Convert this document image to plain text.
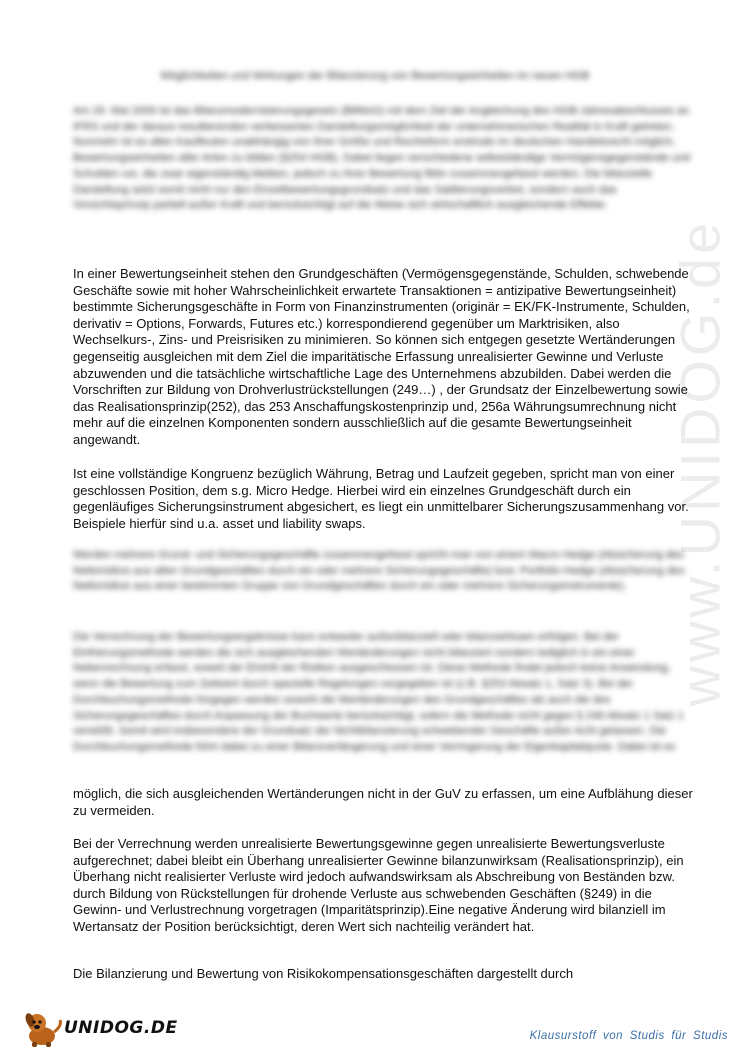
www.UNIDOG.de
Möglichkeiten und Wirkungen der Bilanzierung von Bewertungseinheiten im neuen HGB

Am 29. Mai 2009 ist das Bilanzmodernisierungsgesetz (BilMoG) mit dem Ziel der Angleichung des HGB-Jahresabschlusses an IFRS und der daraus resultierenden verbesserten Darstellungsmöglichkeit der unternehmerischen Realität in Kraft getreten. Nunmehr ist es allen Kaufleuten unabhängig von ihrer Größe und Rechtsform erstmals im deutschen Handelsrecht möglich, Bewertungseinheiten aller Arten zu bilden (§254 HGB). Dabei liegen verschiedene selbstständige Vermögensgegenstände und Schulden vor, die zwar eigenständig bleiben, jedoch zu ihrer Bewertung fiktiv zusammengefasst werden. Die bilanzielle Darstellung setzt somit nicht nur den Einzelbewertungsgrundsatz und das Saldierungsverbot, sondern auch das Vorsichtsprinzip partiell außer Kraft und berücksichtigt auf die Weise sich wirtschaftlich ausgleichende Effekte.

In einer Bewertungseinheit stehen den Grundgeschäften (Vermögensgegenstände, Schulden, schwebende Geschäfte sowie mit hoher Wahrscheinlichkeit erwartete Transaktionen = antizipative Bewertungseinheit) bestimmte Sicherungsgeschäfte in Form von Finanzinstrumenten (originär = EK/FK-Instrumente, Schulden, derivativ = Options, Forwards, Futures etc.) korrespondierend gegenüber um Marktrisiken, also Wechselkurs-, Zins- und Preisrisiken zu minimieren. So können sich entgegen gesetzte Wertänderungen gegenseitig ausgleichen mit dem Ziel die imparitätische Erfassung unrealisierter Gewinne und Verluste abzuwenden und die tatsächliche wirtschaftliche Lage des Unternehmens abzubilden. Dabei werden die Vorschriften zur Bildung von Drohverlustrückstellungen (249…) , der Grundsatz der Einzelbewertung sowie das Realisationsprinzip(252), das 253 Anschaffungskostenprinzip und, 256a Währungsumrechnung nicht mehr auf die einzelnen Komponenten sondern ausschließlich auf die gesamte Bewertungseinheit angewandt.

Ist eine vollständige Kongruenz bezüglich Währung, Betrag und Laufzeit gegeben, spricht man von einer geschlossen Position, dem s.g. Micro Hedge. Hierbei wird ein einzelnes Grundgeschäft durch ein gegenläufiges Sicherungsinstrument abgesichert, es liegt ein unmittelbarer Sicherungszusammenhang vor. Beispiele hierfür sind u.a. asset und liability swaps.

Werden mehrere Grund- und Sicherungsgeschäfte zusammengefasst spricht man von einem Macro Hedge (Absicherung des Nettorisikos aus allen Grundgeschäften durch ein oder mehrere Sicherungsgeschäfte) bzw. Portfolio Hedge (Absicherung des Nettorisikos aus einer bestimmten Gruppe von Grundgeschäften durch ein oder mehrere Sicherungsinstrumente).

Die Verrechnung der Bewertungsergebnisse kann entweder außerbilanziell oder bilanzwirksam erfolgen. Bei der Einfrierungsmethode werden die sich ausgleichenden Wertänderungen nicht bilanziert sondern lediglich in ein einer Nebenrechnung erfasst, soweit der Eintritt der Risiken ausgeschlossen ist. Diese Methode findet jedoch keine Anwendung, wenn die Bewertung zum Zeitwert durch spezielle Regelungen vorgegeben ist (z.B. §253 Absatz 1, Satz 3). Bei der Durchbuchungsmethode hingegen werden sowohl die Wertänderungen des Grundgeschäftes als auch die des Sicherungsgeschäftes durch Anpassung der Buchwerte berücksichtigt, sofern die Methode nicht gegen § 246 Absatz 1 Satz 1 verstößt. Somit wird insbesondere der Grundsatz der Nichtbilanzierung schwebender Geschäfte außer Acht gelassen. Die Durchbuchungsmethode führt dabei zu einer Bilanzverlängerung und einer Verringerung der Eigenkapitalquote. Dabei ist es

möglich, die sich ausgleichenden Wertänderungen nicht in der GuV zu erfassen, um eine Aufblähung dieser zu vermeiden.

Bei der Verrechnung werden unrealisierte Bewertungsgewinne gegen unrealisierte Bewertungsverluste aufgerechnet; dabei bleibt ein Überhang unrealisierter Gewinne bilanzunwirksam (Realisationsprinzip), ein Überhang nicht realisierter Verluste wird jedoch aufwandswirksam als Abschreibung von Beständen bzw. durch Bildung von Rückstellungen für drohende Verluste aus schwebenden Geschäften (§249) in die Gewinn- und Verlustrechnung vorgetragen (Imparitätsprinzip).Eine negative Änderung wird bilanziell im Wertansatz der Position berücksichtigt, deren Wert sich nachteilig verändert hat.

Die Bilanzierung und Bewertung von Risikokompensationsgeschäften dargestellt durch

UNIDOG.DE	Klausurstoff von Studis für Studis
